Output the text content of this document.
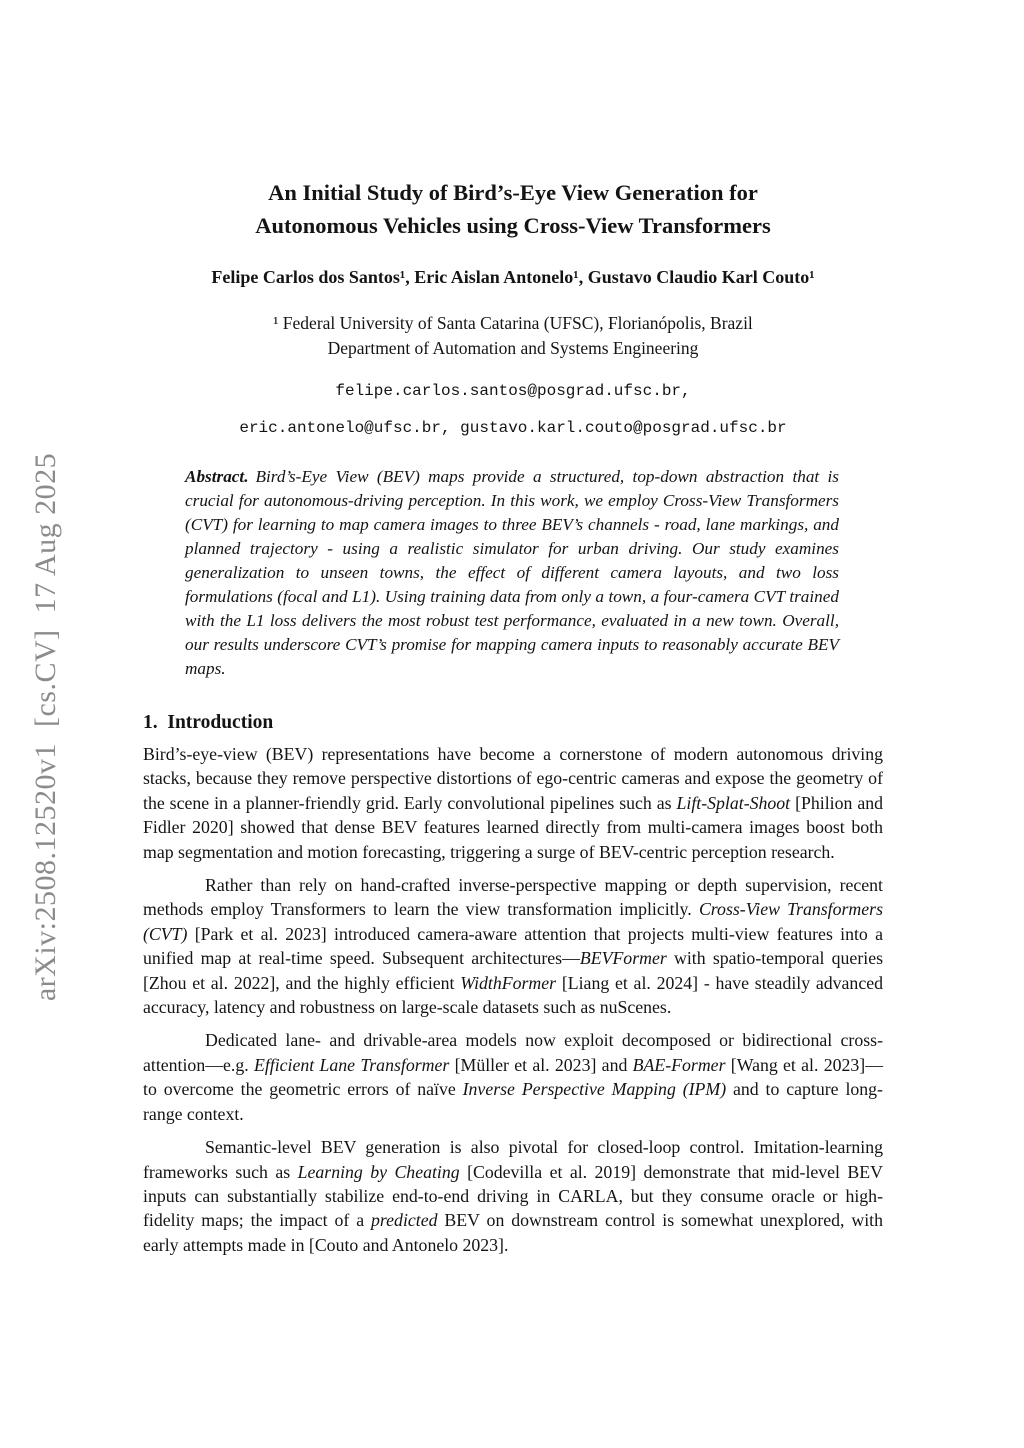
arXiv:2508.12520v1  [cs.CV]  17 Aug 2025
An Initial Study of Bird’s-Eye View Generation for
Autonomous Vehicles using Cross-View Transformers
Felipe Carlos dos Santos¹, Eric Aislan Antonelo¹, Gustavo Claudio Karl Couto¹
¹ Federal University of Santa Catarina (UFSC), Florianópolis, Brazil
Department of Automation and Systems Engineering
felipe.carlos.santos@posgrad.ufsc.br,
eric.antonelo@ufsc.br, gustavo.karl.couto@posgrad.ufsc.br

Abstract. Bird’s-Eye View (BEV) maps provide a structured, top-down abstraction that is crucial for autonomous-driving perception. In this work, we employ Cross-View Transformers (CVT) for learning to map camera images to three BEV’s channels - road, lane markings, and planned trajectory - using a realistic simulator for urban driving. Our study examines generalization to unseen towns, the effect of different camera layouts, and two loss formulations (focal and L1). Using training data from only a town, a four-camera CVT trained with the L1 loss delivers the most robust test performance, evaluated in a new town. Overall, our results underscore CVT’s promise for mapping camera inputs to reasonably accurate BEV maps.

1.  Introduction

Bird’s-eye-view (BEV) representations have become a cornerstone of modern autonomous driving stacks, because they remove perspective distortions of ego-centric cameras and expose the geometry of the scene in a planner-friendly grid. Early convolutional pipelines such as Lift-Splat-Shoot [Philion and Fidler 2020] showed that dense BEV features learned directly from multi-camera images boost both map segmentation and motion forecasting, triggering a surge of BEV-centric perception research.

Rather than rely on hand-crafted inverse-perspective mapping or depth supervision, recent methods employ Transformers to learn the view transformation implicitly. Cross-View Transformers (CVT) [Park et al. 2023] introduced camera-aware attention that projects multi-view features into a unified map at real-time speed. Subsequent architectures—BEVFormer with spatio-temporal queries [Zhou et al. 2022], and the highly efficient WidthFormer [Liang et al. 2024] - have steadily advanced accuracy, latency and robustness on large-scale datasets such as nuScenes.

Dedicated lane- and drivable-area models now exploit decomposed or bidirectional cross-attention—e.g. Efficient Lane Transformer [Müller et al. 2023] and BAE-Former [Wang et al. 2023]—to overcome the geometric errors of naïve Inverse Perspective Mapping (IPM) and to capture long-range context.

Semantic-level BEV generation is also pivotal for closed-loop control. Imitation-learning frameworks such as Learning by Cheating [Codevilla et al. 2019] demonstrate that mid-level BEV inputs can substantially stabilize end-to-end driving in CARLA, but they consume oracle or high-fidelity maps; the impact of a predicted BEV on downstream control is somewhat unexplored, with early attempts made in [Couto and Antonelo 2023].
